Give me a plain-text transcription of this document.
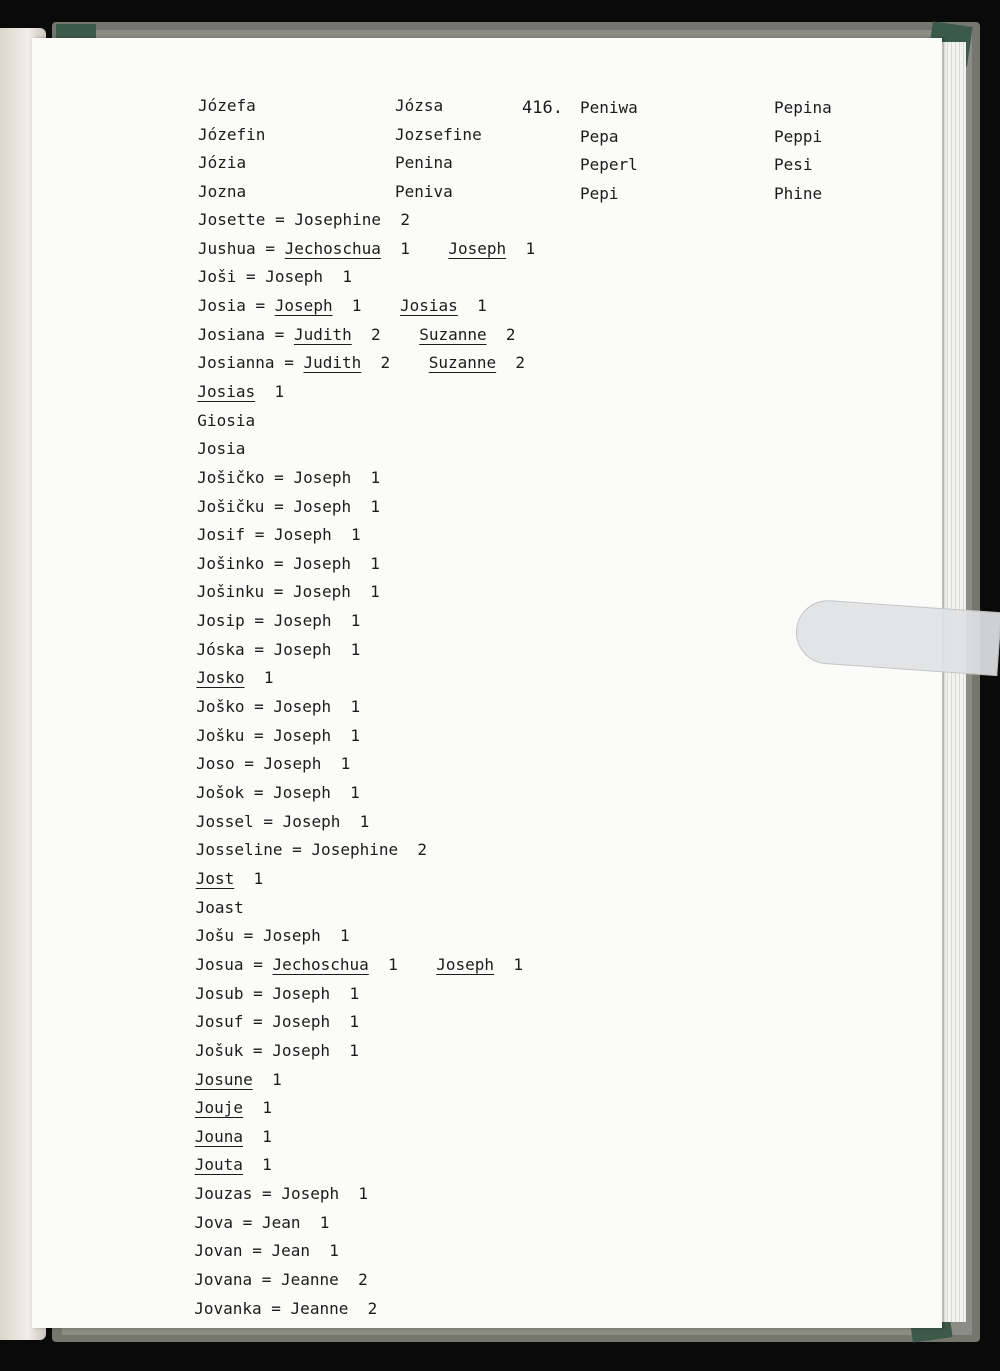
416.
Józefa
Józefin
Józia
Jozna
Józsa
Jozsefine
Penina
Peniva
Peniwa
Pepa
Peperl
Pepi
Pepina
Peppi
Pesi
Phine
Josette = Josephine 2
Jushua = Jechoschua 1 Joseph 1
Joši = Joseph 1
Josia = Joseph 1 Josias 1
Josiana = Judith 2 Suzanne 2
Josianna = Judith 2 Suzanne 2
Josias 1
Giosia
Josia
Jošičko = Joseph 1
Jošičku = Joseph 1
Josif = Joseph 1
Jošinko = Joseph 1
Jošinku = Joseph 1
Josip = Joseph 1
Jóska = Joseph 1
Josko 1
Joško = Joseph 1
Jošku = Joseph 1
Joso = Joseph 1
Jošok = Joseph 1
Jossel = Joseph 1
Josseline = Josephine 2
Jost 1
Joast
Jošu = Joseph 1
Josua = Jechoschua 1 Joseph 1
Josub = Joseph 1
Josuf = Joseph 1
Jošuk = Joseph 1
Josune 1
Jouje 1
Jouna 1
Jouta 1
Jouzas = Joseph 1
Jova = Jean 1
Jovan = Jean 1
Jovana = Jeanne 2
Jovanka = Jeanne 2
